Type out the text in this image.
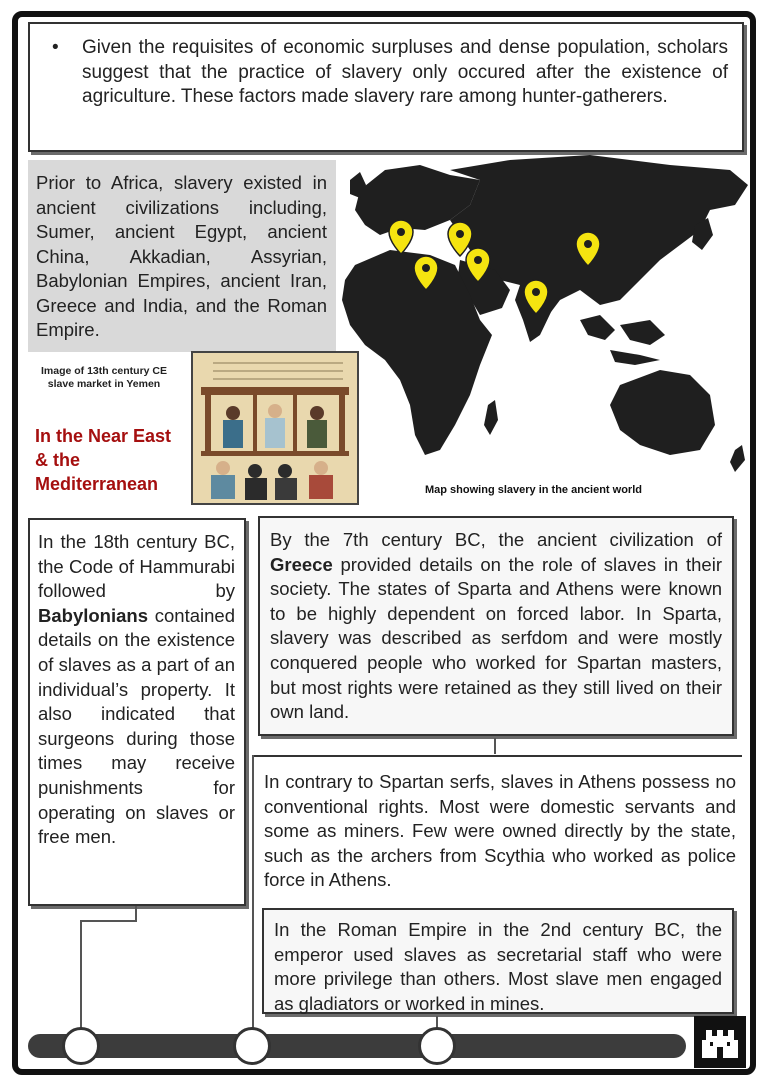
• Given the requisites of economic surpluses and dense population, scholars suggest that the practice of slavery only occured after the existence of agriculture. These factors made slavery rare among hunter-gatherers.
Prior to Africa, slavery existed in ancient civilizations including, Sumer, ancient Egypt, ancient China, Akkadian, Assyrian, Babylonian Empires, ancient Iran, Greece and India, and the Roman Empire.
Map showing slavery in the ancient world
Image of 13th century CE slave market in Yemen
In the Near East & the Mediterranean
In the 18th century BC, the Code of Hammurabi followed by Babylonians contained details on the existence of slaves as a part of an individual’s property. It also indicated that surgeons during those times may receive punishments for operating on slaves or free men.
By the 7th century BC, the ancient civilization of Greece provided details on the role of slaves in their society. The states of Sparta and Athens were known to be highly dependent on forced labor. In Sparta, slavery was described as serfdom and were mostly conquered people who worked for Spartan masters, but most rights were retained as they still lived on their own land.
In contrary to Spartan serfs, slaves in Athens possess no conventional rights. Most were domestic servants and some as miners. Few were owned directly by the state, such as the archers from Scythia who worked as police force in Athens.
In the Roman Empire in the 2nd century BC, the emperor used slaves as secretarial staff who were more privilege than others. Most slave men engaged as gladiators or worked in mines.
